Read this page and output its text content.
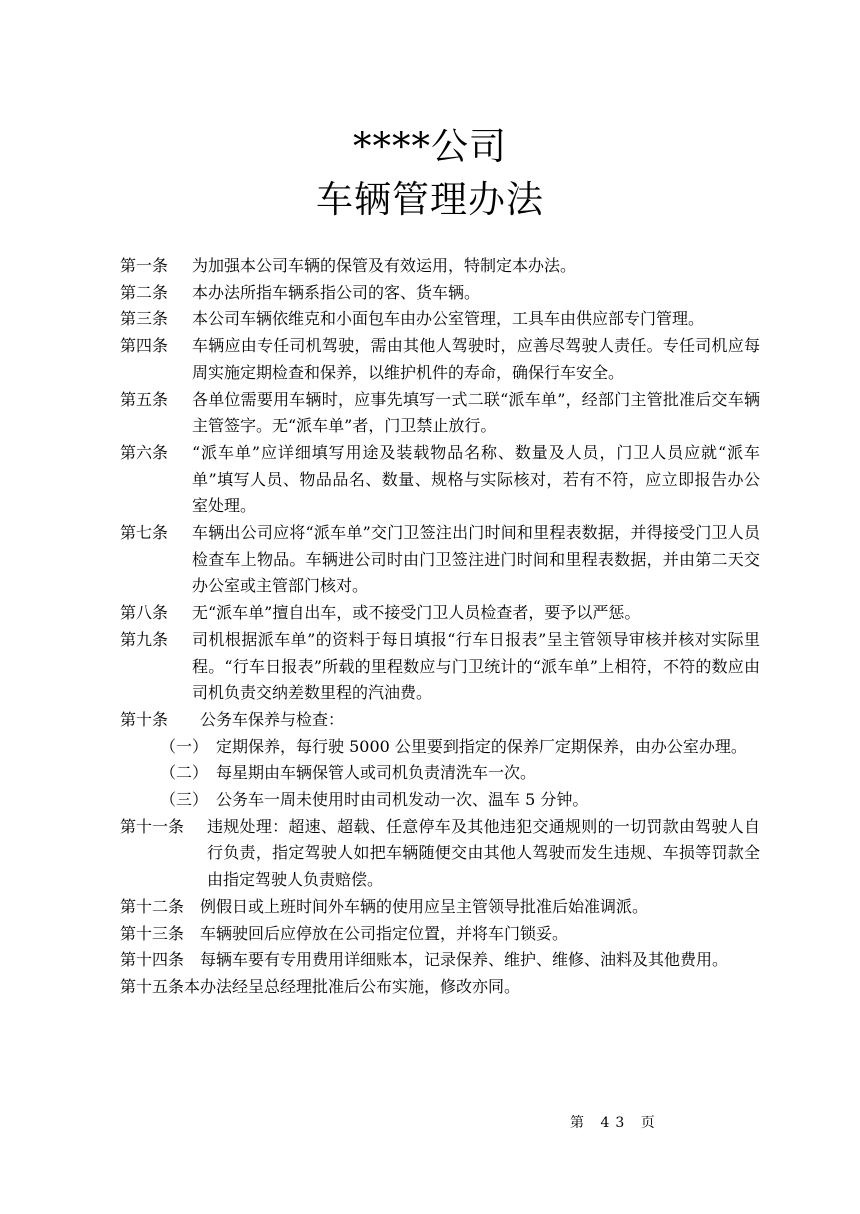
****公司
车辆管理办法
第一条	为加强本公司车辆的保管及有效运用，特制定本办法。
第二条	本办法所指车辆系指公司的客、货车辆。
第三条	本公司车辆依维克和小面包车由办公室管理，工具车由供应部专门管理。
第四条	车辆应由专任司机驾驶，需由其他人驾驶时，应善尽驾驶人责任。专任司机应每周实施定期检查和保养，以维护机件的寿命，确保行车安全。
第五条	各单位需要用车辆时，应事先填写一式二联“派车单”，经部门主管批准后交车辆主管签字。无“派车单”者，门卫禁止放行。
第六条	“派车单”应详细填写用途及装载物品名称、数量及人员，门卫人员应就“派车单”填写人员、物品品名、数量、规格与实际核对，若有不符，应立即报告办公室处理。
第七条	车辆出公司应将“派车单”交门卫签注出门时间和里程表数据，并得接受门卫人员检查车上物品。车辆进公司时由门卫签注进门时间和里程表数据，并由第二天交办公室或主管部门核对。
第八条	无“派车单”擅自出车，或不接受门卫人员检查者，要予以严惩。
第九条	司机根据派车单”的资料于每日填报“行车日报表”呈主管领导审核并核对实际里程。“行车日报表”所载的里程数应与门卫统计的“派车单”上相符，不符的数应由司机负责交纳差数里程的汽油费。
第十条	公务车保养与检查：
（一） 定期保养，每行驶 5000 公里要到指定的保养厂定期保养，由办公室办理。
（二） 每星期由车辆保管人或司机负责清洗车一次。
（三） 公务车一周未使用时由司机发动一次、温车 5 分钟。
第十一条	违规处理：超速、超载、任意停车及其他违犯交通规则的一切罚款由驾驶人自行负责，指定驾驶人如把车辆随便交由其他人驾驶而发生违规、车损等罚款全由指定驾驶人负责赔偿。
第十二条 例假日或上班时间外车辆的使用应呈主管领导批准后始准调派。
第十三条 车辆驶回后应停放在公司指定位置，并将车门锁妥。
第十四条 每辆车要有专用费用详细账本，记录保养、维护、维修、油料及其他费用。
第十五条 本办法经呈总经理批准后公布实施，修改亦同。
第 43 页
